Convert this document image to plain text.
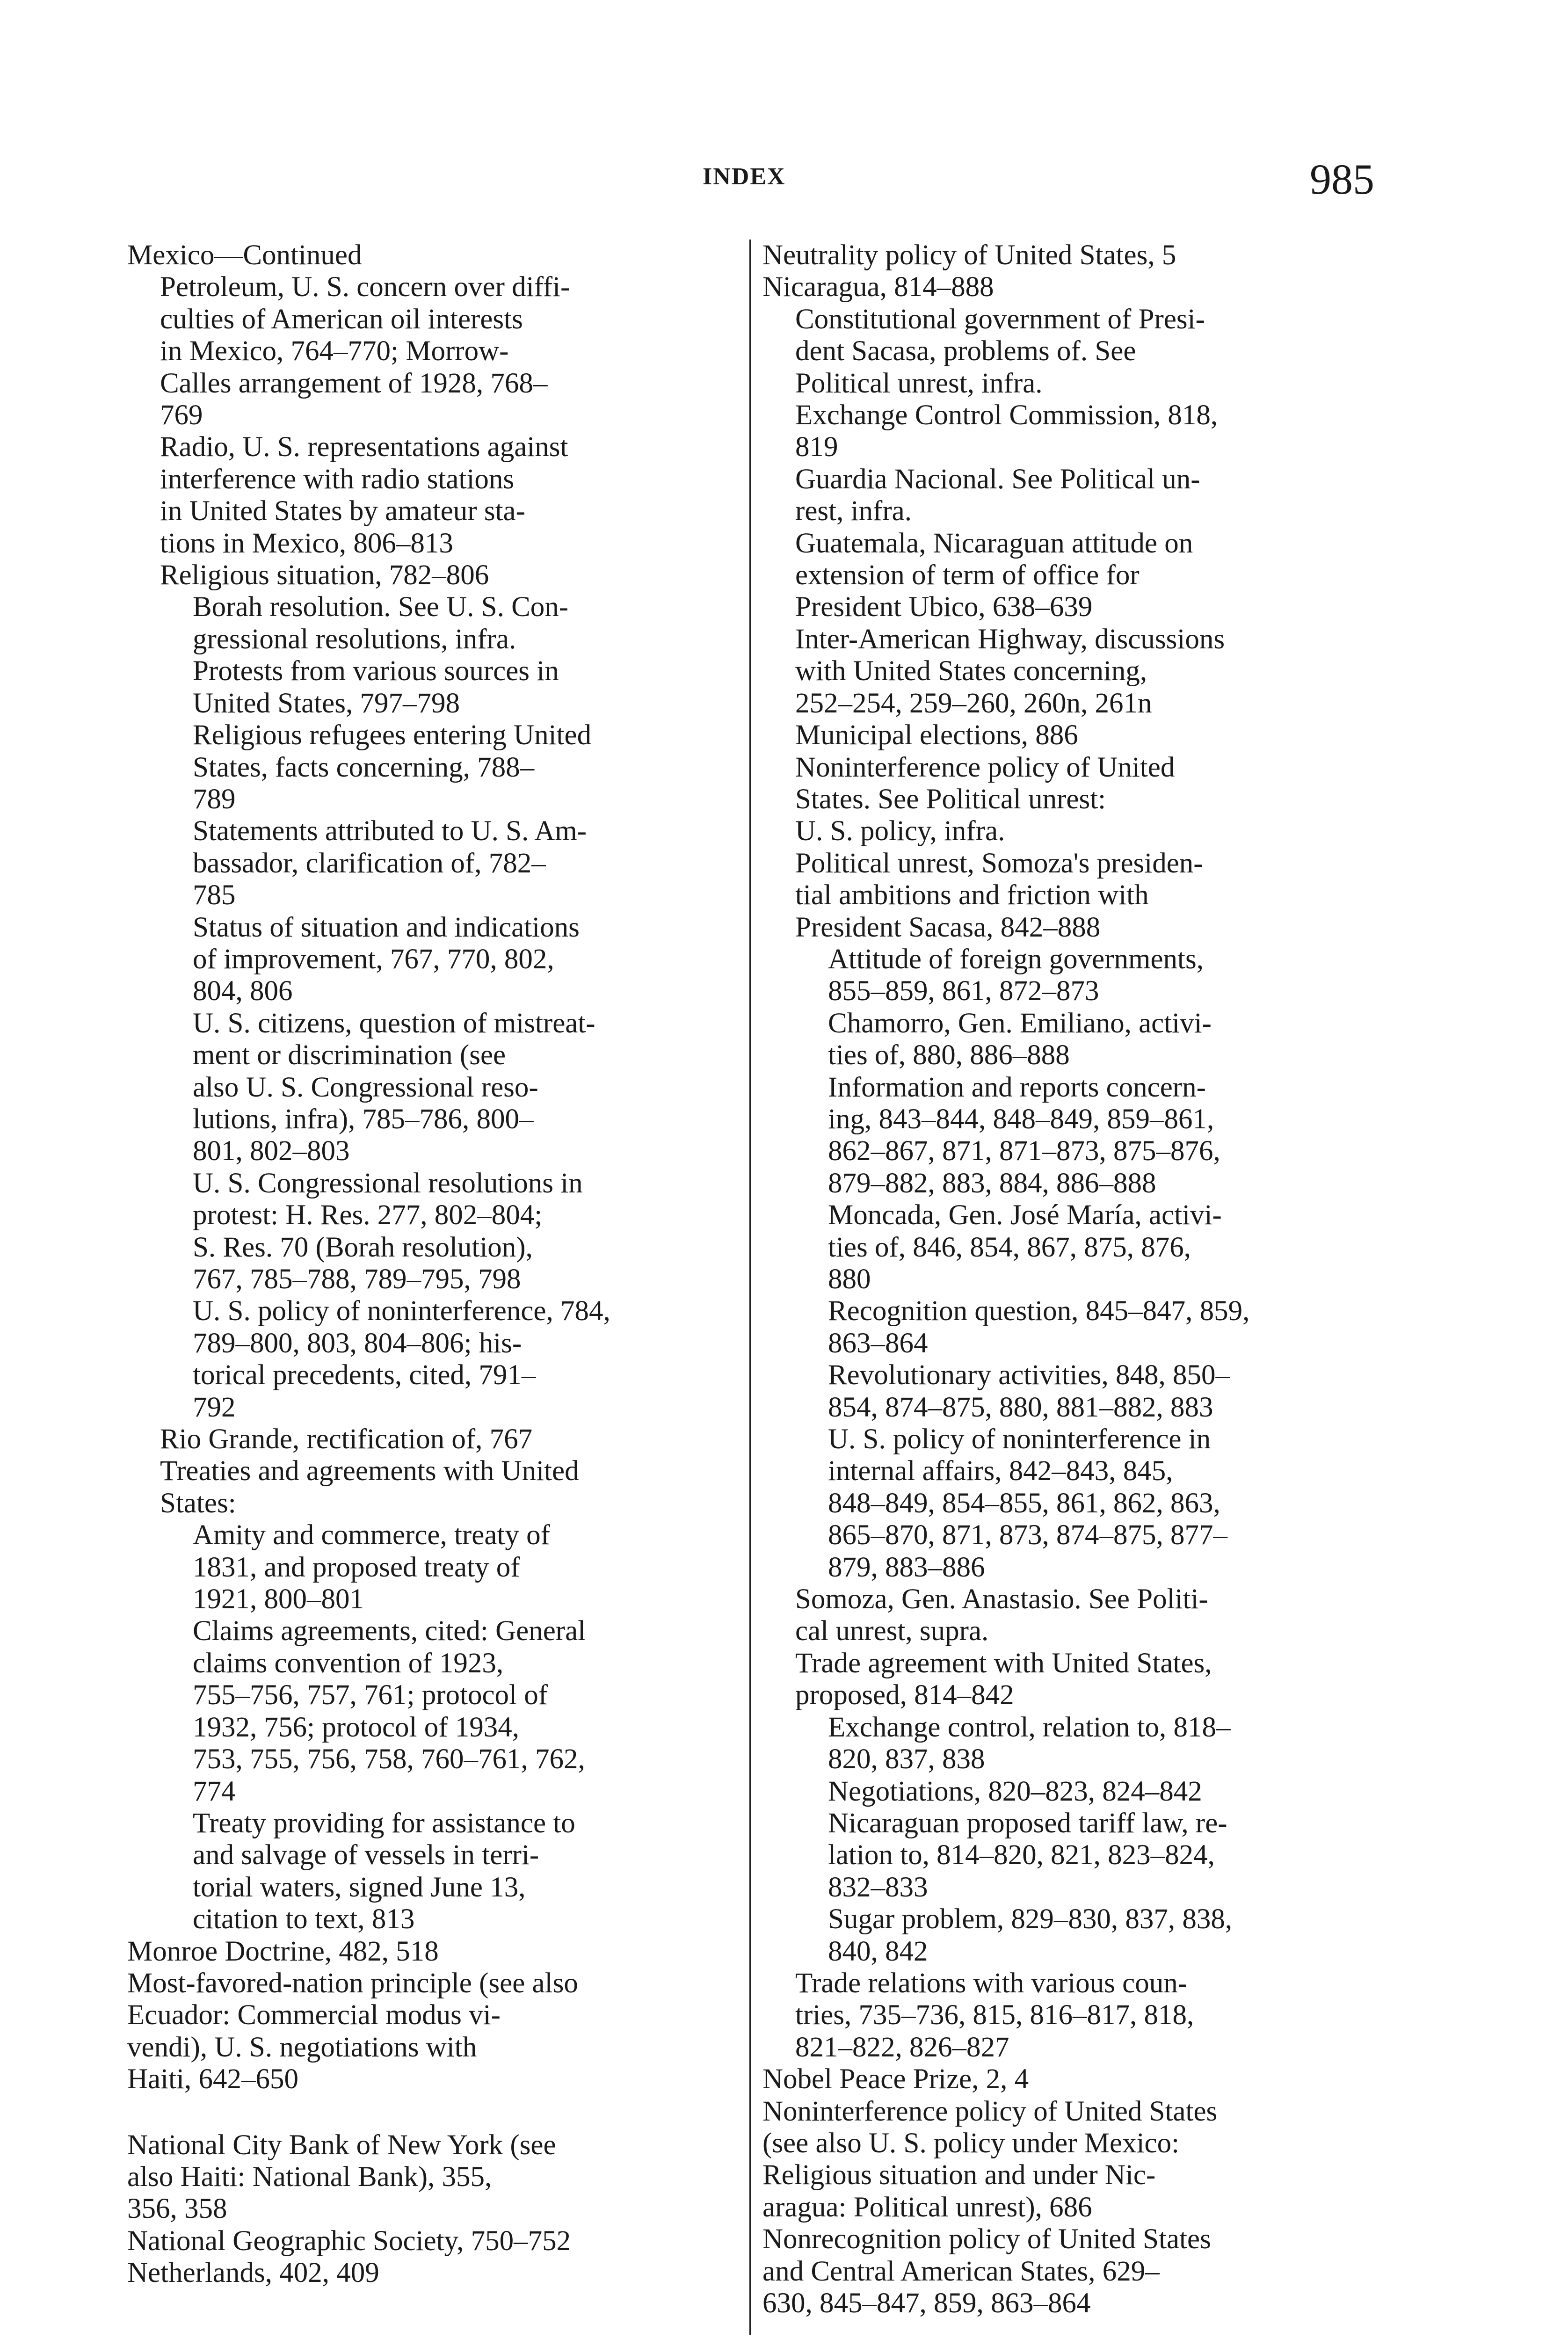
INDEX	985
Mexico—Continued
Petroleum, U. S. concern over diffi-
culties of American oil interests
in Mexico, 764–770; Morrow-
Calles arrangement of 1928, 768–
769
Radio, U. S. representations against
interference with radio stations
in United States by amateur sta-
tions in Mexico, 806–813
Religious situation, 782–806
Borah resolution. See U. S. Con-
gressional resolutions, infra.
Protests from various sources in
United States, 797–798
Religious refugees entering United
States, facts concerning, 788–
789
Statements attributed to U. S. Am-
bassador, clarification of, 782–
785
Status of situation and indications
of improvement, 767, 770, 802,
804, 806
U. S. citizens, question of mistreat-
ment or discrimination (see
also U. S. Congressional reso-
lutions, infra), 785–786, 800–
801, 802–803
U. S. Congressional resolutions in
protest: H. Res. 277, 802–804;
S. Res. 70 (Borah resolution),
767, 785–788, 789–795, 798
U. S. policy of noninterference, 784,
789–800, 803, 804–806; his-
torical precedents, cited, 791–
792
Rio Grande, rectification of, 767
Treaties and agreements with United
States:
Amity and commerce, treaty of
1831, and proposed treaty of
1921, 800–801
Claims agreements, cited: General
claims convention of 1923,
755–756, 757, 761; protocol of
1932, 756; protocol of 1934,
753, 755, 756, 758, 760–761, 762,
774
Treaty providing for assistance to
and salvage of vessels in terri-
torial waters, signed June 13,
citation to text, 813
Monroe Doctrine, 482, 518
Most-favored-nation principle (see also
Ecuador: Commercial modus vi-
vendi), U. S. negotiations with
Haiti, 642–650
National City Bank of New York (see
also Haiti: National Bank), 355,
356, 358
National Geographic Society, 750–752
Netherlands, 402, 409
Neutrality policy of United States, 5
Nicaragua, 814–888
Constitutional government of Presi-
dent Sacasa, problems of. See
Political unrest, infra.
Exchange Control Commission, 818,
819
Guardia Nacional. See Political un-
rest, infra.
Guatemala, Nicaraguan attitude on
extension of term of office for
President Ubico, 638–639
Inter-American Highway, discussions
with United States concerning,
252–254, 259–260, 260n, 261n
Municipal elections, 886
Noninterference policy of United
States. See Political unrest:
U. S. policy, infra.
Political unrest, Somoza's presiden-
tial ambitions and friction with
President Sacasa, 842–888
Attitude of foreign governments,
855–859, 861, 872–873
Chamorro, Gen. Emiliano, activi-
ties of, 880, 886–888
Information and reports concern-
ing, 843–844, 848–849, 859–861,
862–867, 871, 871–873, 875–876,
879–882, 883, 884, 886–888
Moncada, Gen. José María, activi-
ties of, 846, 854, 867, 875, 876,
880
Recognition question, 845–847, 859,
863–864
Revolutionary activities, 848, 850–
854, 874–875, 880, 881–882, 883
U. S. policy of noninterference in
internal affairs, 842–843, 845,
848–849, 854–855, 861, 862, 863,
865–870, 871, 873, 874–875, 877–
879, 883–886
Somoza, Gen. Anastasio. See Politi-
cal unrest, supra.
Trade agreement with United States,
proposed, 814–842
Exchange control, relation to, 818–
820, 837, 838
Negotiations, 820–823, 824–842
Nicaraguan proposed tariff law, re-
lation to, 814–820, 821, 823–824,
832–833
Sugar problem, 829–830, 837, 838,
840, 842
Trade relations with various coun-
tries, 735–736, 815, 816–817, 818,
821–822, 826–827
Nobel Peace Prize, 2, 4
Noninterference policy of United States
(see also U. S. policy under Mexico:
Religious situation and under Nic-
aragua: Political unrest), 686
Nonrecognition policy of United States
and Central American States, 629–
630, 845–847, 859, 863–864
